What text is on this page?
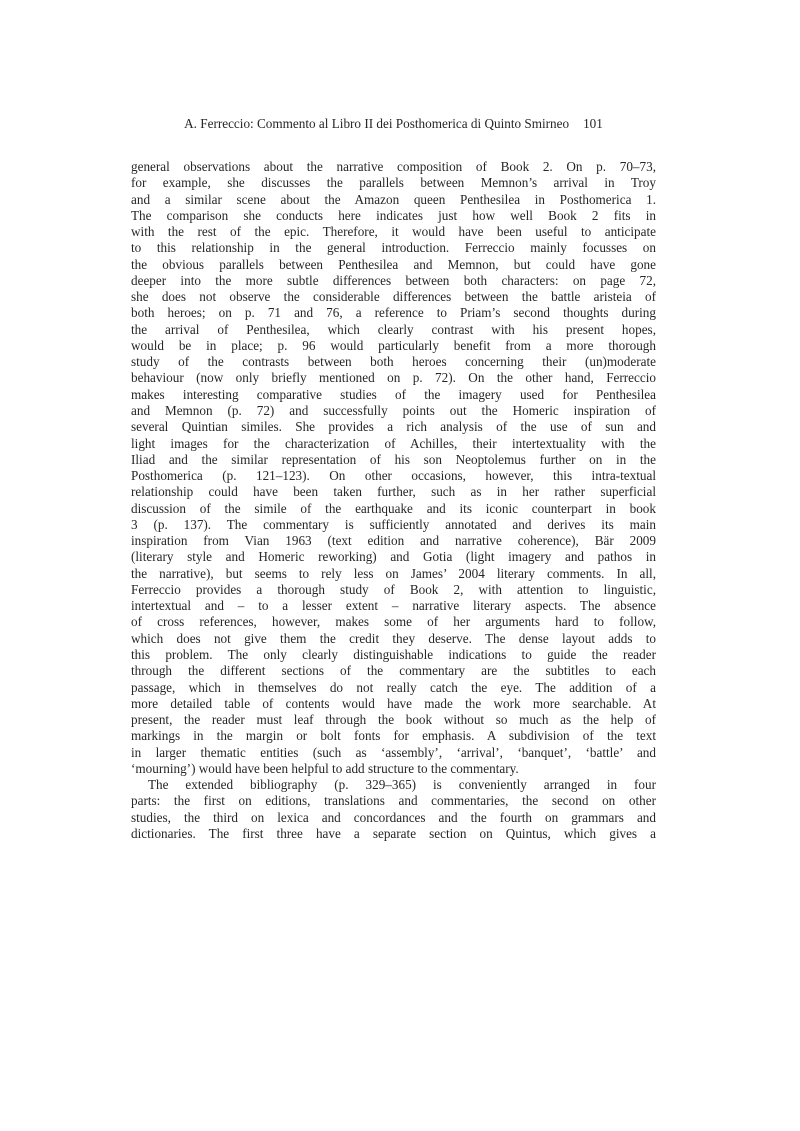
A. Ferreccio: Commento al Libro II dei Posthomerica di Quinto Smirneo 101
general observations about the narrative composition of Book 2. On p. 70–73,
for example, she discusses the parallels between Memnon’s arrival in Troy
and a similar scene about the Amazon queen Penthesilea in Posthomerica 1.
The comparison she conducts here indicates just how well Book 2 fits in
with the rest of the epic. Therefore, it would have been useful to anticipate
to this relationship in the general introduction. Ferreccio mainly focusses on
the obvious parallels between Penthesilea and Memnon, but could have gone
deeper into the more subtle differences between both characters: on page 72,
she does not observe the considerable differences between the battle aristeia of
both heroes; on p. 71 and 76, a reference to Priam’s second thoughts during
the arrival of Penthesilea, which clearly contrast with his present hopes,
would be in place; p. 96 would particularly benefit from a more thorough
study of the contrasts between both heroes concerning their (un)moderate
behaviour (now only briefly mentioned on p. 72). On the other hand, Ferreccio
makes interesting comparative studies of the imagery used for Penthesilea
and Memnon (p. 72) and successfully points out the Homeric inspiration of
several Quintian similes. She provides a rich analysis of the use of sun and
light images for the characterization of Achilles, their intertextuality with the
Iliad and the similar representation of his son Neoptolemus further on in the
Posthomerica (p. 121–123). On other occasions, however, this intra-textual
relationship could have been taken further, such as in her rather superficial
discussion of the simile of the earthquake and its iconic counterpart in book
3 (p. 137). The commentary is sufficiently annotated and derives its main
inspiration from Vian 1963 (text edition and narrative coherence), Bär 2009
(literary style and Homeric reworking) and Gotia (light imagery and pathos in
the narrative), but seems to rely less on James’ 2004 literary comments. In all,
Ferreccio provides a thorough study of Book 2, with attention to linguistic,
intertextual and – to a lesser extent – narrative literary aspects. The absence
of cross references, however, makes some of her arguments hard to follow,
which does not give them the credit they deserve. The dense layout adds to
this problem. The only clearly distinguishable indications to guide the reader
through the different sections of the commentary are the subtitles to each
passage, which in themselves do not really catch the eye. The addition of a
more detailed table of contents would have made the work more searchable. At
present, the reader must leaf through the book without so much as the help of
markings in the margin or bolt fonts for emphasis. A subdivision of the text
in larger thematic entities (such as ‘assembly’, ‘arrival’, ‘banquet’, ‘battle’ and
‘mourning’) would have been helpful to add structure to the commentary.
The extended bibliography (p. 329–365) is conveniently arranged in four
parts: the first on editions, translations and commentaries, the second on other
studies, the third on lexica and concordances and the fourth on grammars and
dictionaries. The first three have a separate section on Quintus, which gives a
